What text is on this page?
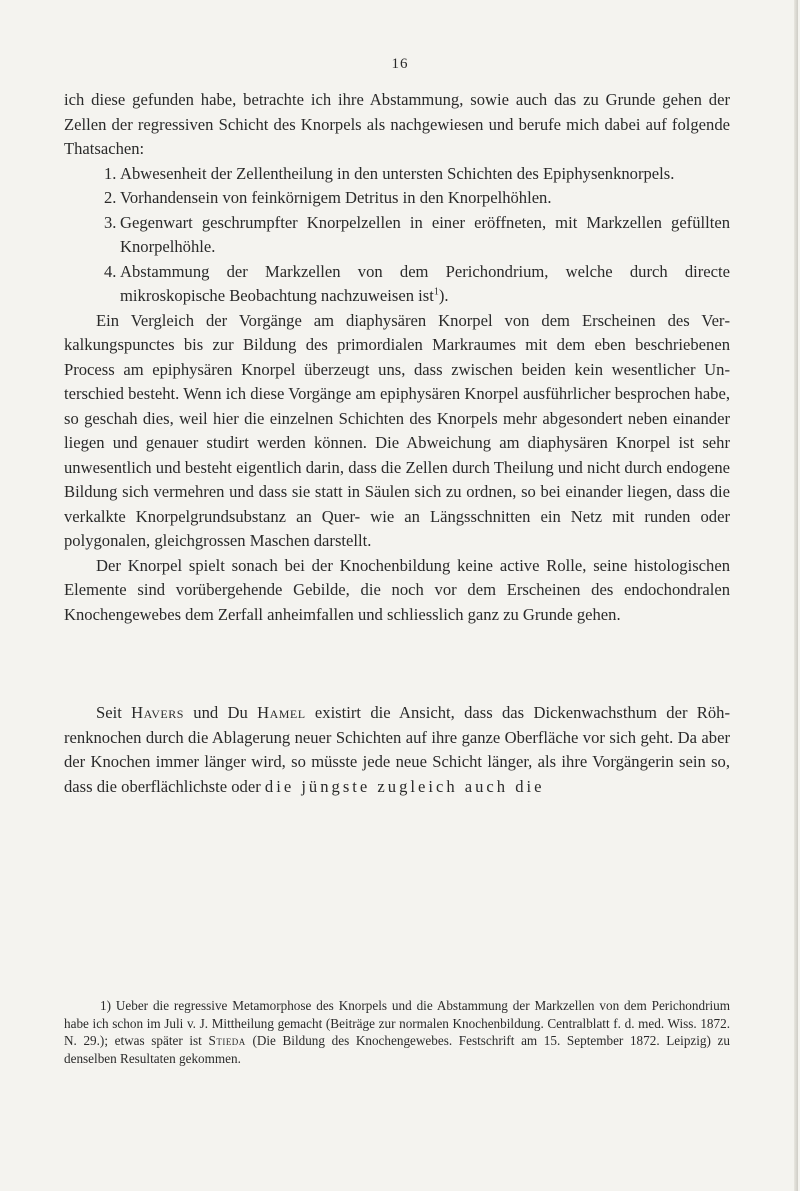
16

ich diese gefunden habe, betrachte ich ihre Abstammung, sowie auch das zu Grunde gehen der Zellen der regressiven Schicht des Knorpels als nachgewiesen und berufe mich dabei auf folgende Thatsachen:

1. Abwesenheit der Zellentheilung in den untersten Schichten des Epiphysenknorpels.
2. Vorhandensein von feinkörnigem Detritus in den Knorpelhöhlen.
3. Gegenwart geschrumpfter Knorpelzellen in einer eröffneten, mit Markzellen gefüllten Knorpelhöhle.
4. Abstammung der Markzellen von dem Perichondrium, welche durch directe mikroskopische Beobachtung nachzuweisen ist$^1$).

Ein Vergleich der Vorgänge am diaphysären Knorpel von dem Erscheinen des Verkalkungspunctes bis zur Bildung des primordialen Markraumes mit dem eben beschriebenen Process am epiphysären Knorpel überzeugt uns, dass zwischen beiden kein wesentlicher Unterschied besteht. Wenn ich diese Vorgänge am epiphysären Knorpel ausführlicher besprochen habe, so geschah dies, weil hier die einzelnen Schichten des Knorpels mehr abgesondert neben einander liegen und genauer studirt werden können. Die Abweichung am diaphysären Knorpel ist sehr unwesentlich und besteht eigentlich darin, dass die Zellen durch Theilung und nicht durch endogene Bildung sich vermehren und dass sie statt in Säulen sich zu ordnen, so bei einander liegen, dass die verkalkte Knorpelgrundsubstanz an Quer- wie an Längsschnitten ein Netz mit runden oder polygonalen, gleichgrossen Maschen darstellt.

Der Knorpel spielt sonach bei der Knochenbildung keine active Rolle, seine histologischen Elemente sind vorübergehende Gebilde, die noch vor dem Erscheinen des endochondralen Knochengewebes dem Zerfall anheimfallen und schliesslich ganz zu Grunde gehen.

Seit Havers und Du Hamel existirt die Ansicht, dass das Dickenwachsthum der Röhrenknochen durch die Ablagerung neuer Schichten auf ihre ganze Oberfläche vor sich geht. Da aber der Knochen immer länger wird, so müsste jede neue Schicht länger, als ihre Vorgängerin sein so, dass die oberflächlichste oder die jüngste zugleich auch die

1) Ueber die regressive Metamorphose des Knorpels und die Abstammung der Markzellen von dem Perichondrium habe ich schon im Juli v. J. Mittheilung gemacht (Beiträge zur normalen Knochenbildung. Centralblatt f. d. med. Wiss. 1872. N. 29.); etwas später ist Stieda (Die Bildung des Knochengewebes. Festschrift am 15. September 1872. Leipzig) zu denselben Resultaten gekommen.
